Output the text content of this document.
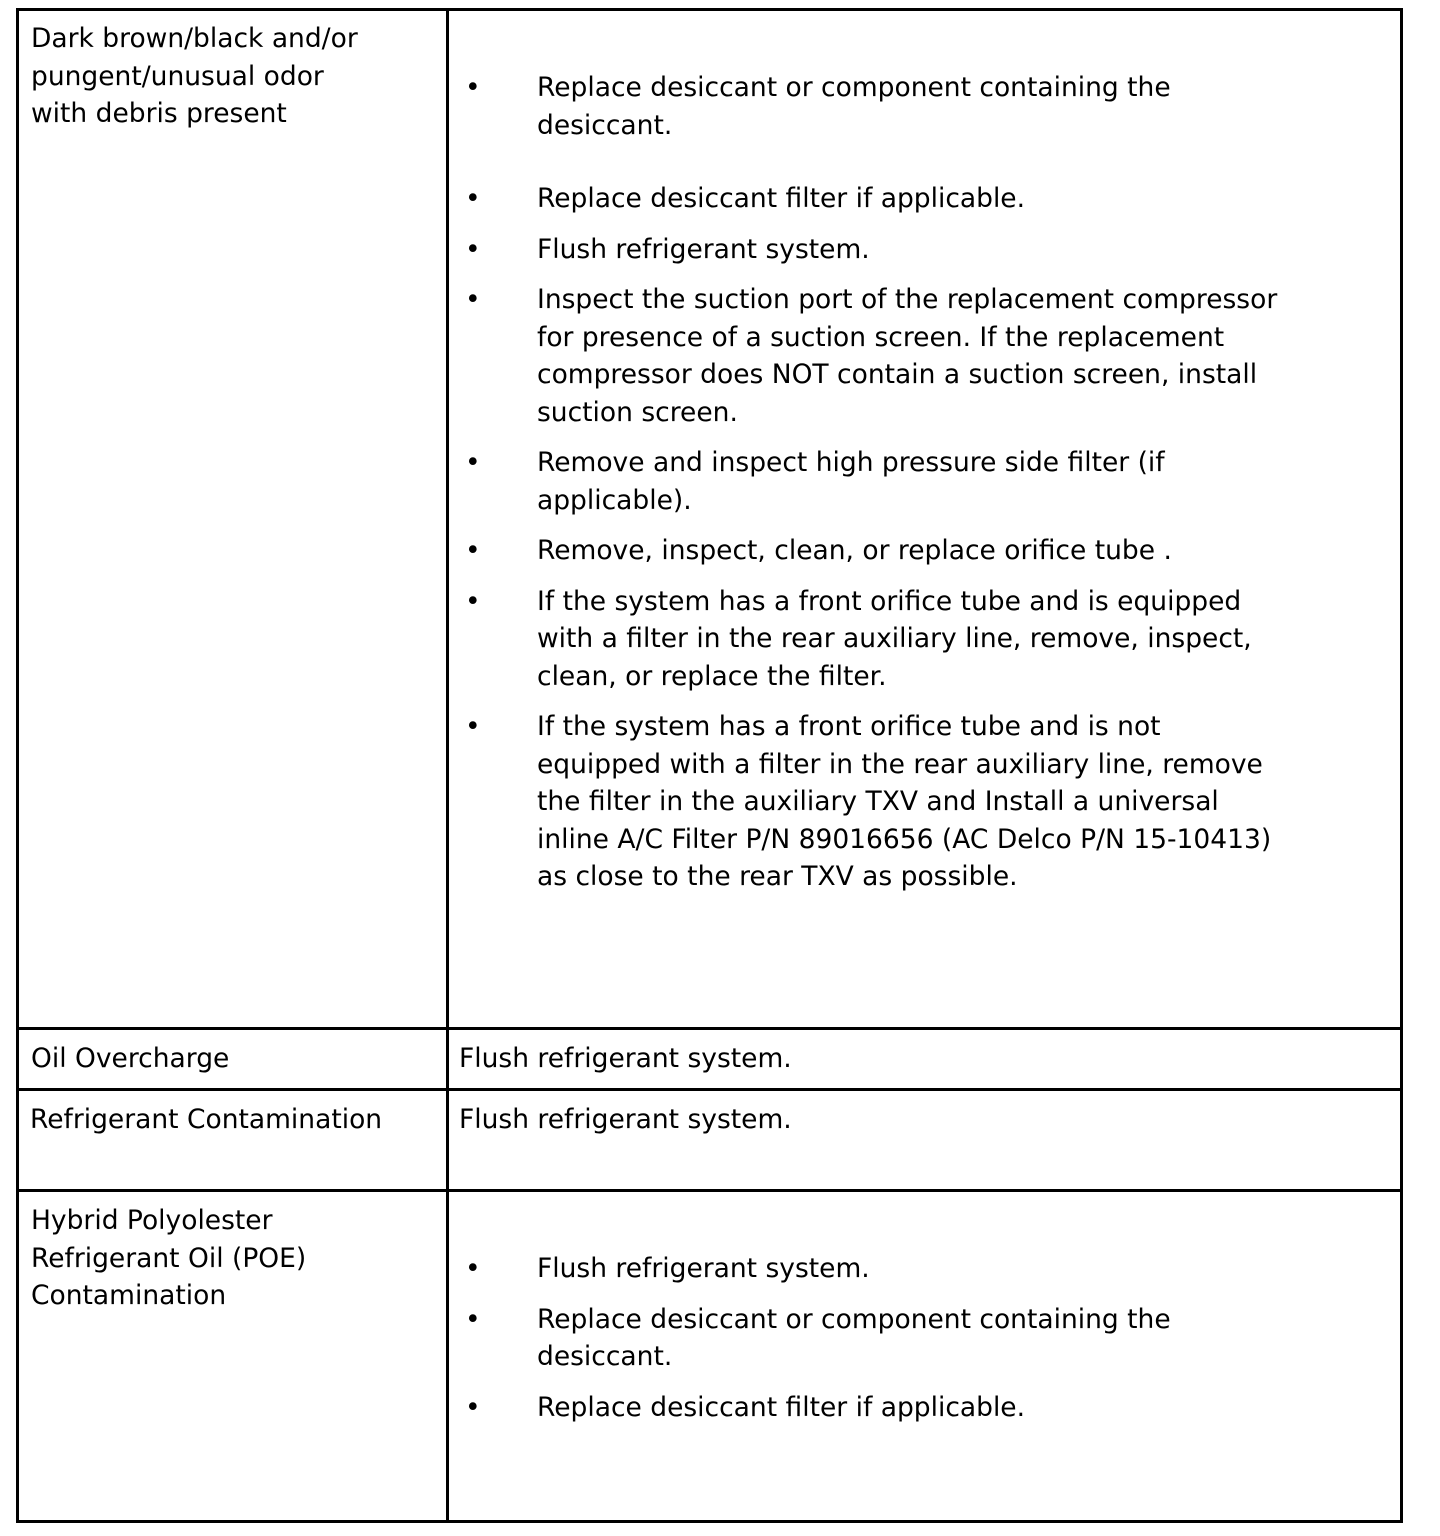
Dark brown/black and/or
pungent/unusual odor
with debris present
• Replace desiccant or component containing the desiccant.
• Replace desiccant filter if applicable.
• Flush refrigerant system.
• Inspect the suction port of the replacement compressor for presence of a suction screen. If the replacement compressor does NOT contain a suction screen, install suction screen.
• Remove and inspect high pressure side filter (if applicable).
• Remove, inspect, clean, or replace orifice tube .
• If the system has a front orifice tube and is equipped with a filter in the rear auxiliary line, remove, inspect, clean, or replace the filter.
• If the system has a front orifice tube and is not equipped with a filter in the rear auxiliary line, remove the filter in the auxiliary TXV and Install a universal inline A/C Filter P/N 89016656 (AC Delco P/N 15-10413) as close to the rear TXV as possible.
Oil Overcharge	Flush refrigerant system.
Refrigerant Contamination	Flush refrigerant system.
Hybrid Polyolester
Refrigerant Oil (POE)
Contamination
• Flush refrigerant system.
• Replace desiccant or component containing the desiccant.
• Replace desiccant filter if applicable.
